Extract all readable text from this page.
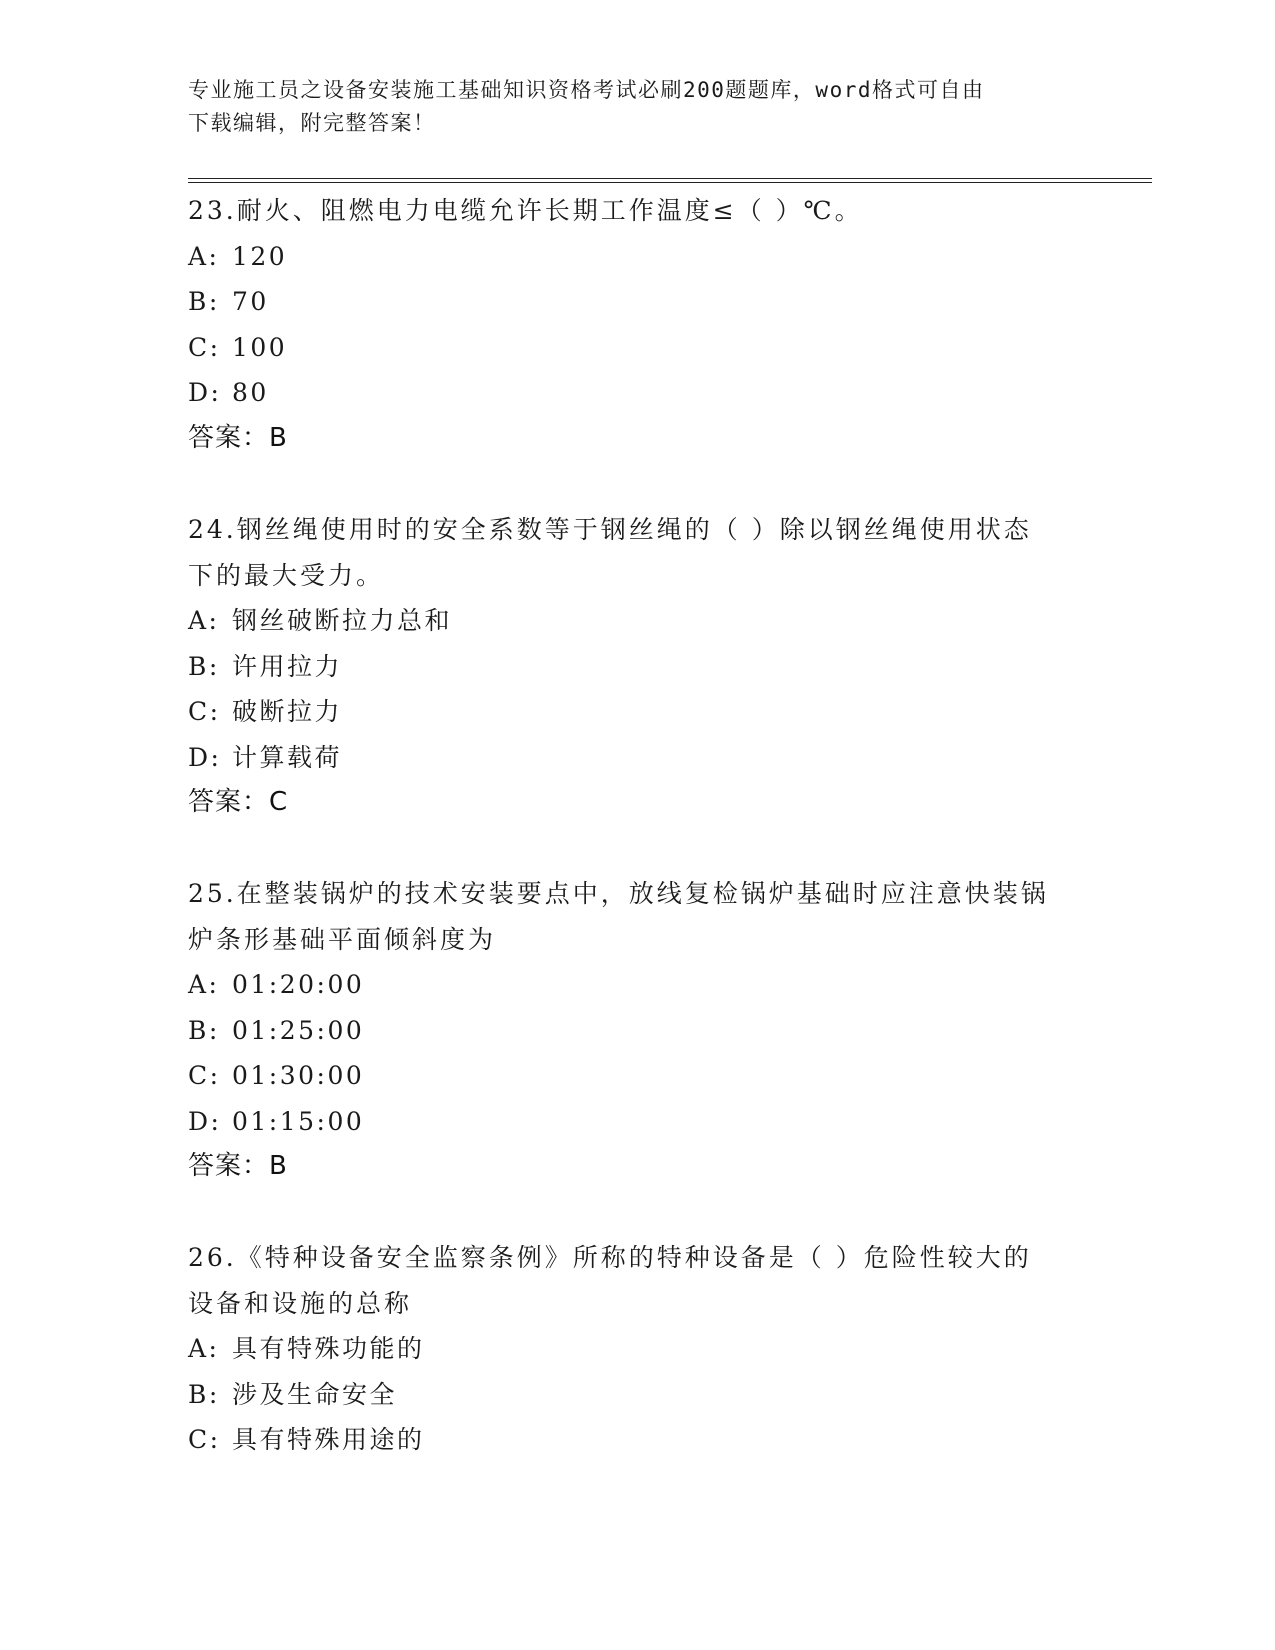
专业施工员之设备安装施工基础知识资格考试必刷200题题库，word格式可自由
下载编辑，附完整答案！
23.耐火、阻燃电力电缆允许长期工作温度≤（ ）℃。
A: 120
B: 70
C: 100
D: 80
答案：B
24.钢丝绳使用时的安全系数等于钢丝绳的（ ）除以钢丝绳使用状态
下的最大受力。
A: 钢丝破断拉力总和
B: 许用拉力
C: 破断拉力
D: 计算载荷
答案：C
25.在整装锅炉的技术安装要点中，放线复检锅炉基础时应注意快装锅
炉条形基础平面倾斜度为
A: 01:20:00
B: 01:25:00
C: 01:30:00
D: 01:15:00
答案：B
26.《特种设备安全监察条例》所称的特种设备是（ ）危险性较大的
设备和设施的总称
A: 具有特殊功能的
B: 涉及生命安全
C: 具有特殊用途的
